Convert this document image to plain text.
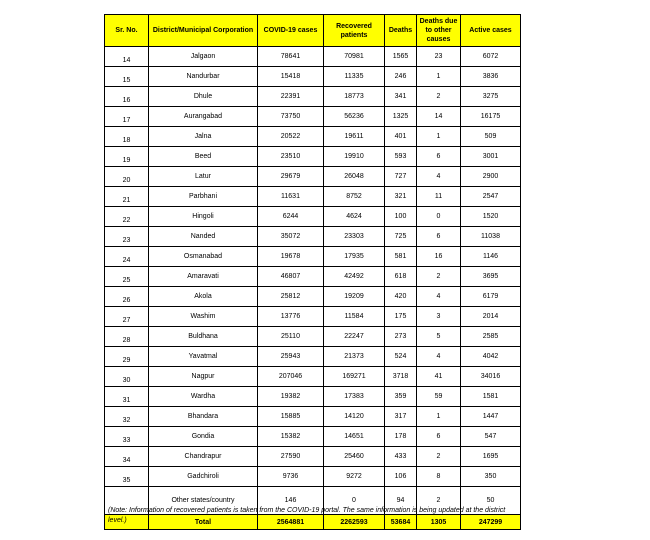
Sr. No.	District/Municipal Corporation	COVID-19 cases	Recovered patients	Deaths	Deaths due to other causes	Active cases
14	Jalgaon	78641	70981	1565	23	6072
15	Nandurbar	15418	11335	246	1	3836
16	Dhule	22391	18773	341	2	3275
17	Aurangabad	73750	56236	1325	14	16175
18	Jalna	20522	19611	401	1	509
19	Beed	23510	19910	593	6	3001
20	Latur	29679	26048	727	4	2900
21	Parbhani	11631	8752	321	11	2547
22	Hingoli	6244	4624	100	0	1520
23	Nanded	35072	23303	725	6	11038
24	Osmanabad	19678	17935	581	16	1146
25	Amaravati	46807	42492	618	2	3695
26	Akola	25812	19209	420	4	6179
27	Washim	13776	11584	175	3	2014
28	Buldhana	25110	22247	273	5	2585
29	Yavatmal	25943	21373	524	4	4042
30	Nagpur	207046	169271	3718	41	34016
31	Wardha	19382	17383	359	59	1581
32	Bhandara	15885	14120	317	1	1447
33	Gondia	15382	14651	178	6	547
34	Chandrapur	27590	25460	433	2	1695
35	Gadchiroli	9736	9272	106	8	350
	Other states/country	146	0	94	2	50
	Total	2564881	2262593	53684	1305	247299
(Note: Information of recovered patients is taken from the COVID-19 portal. The same information is being updated at the district level.)
